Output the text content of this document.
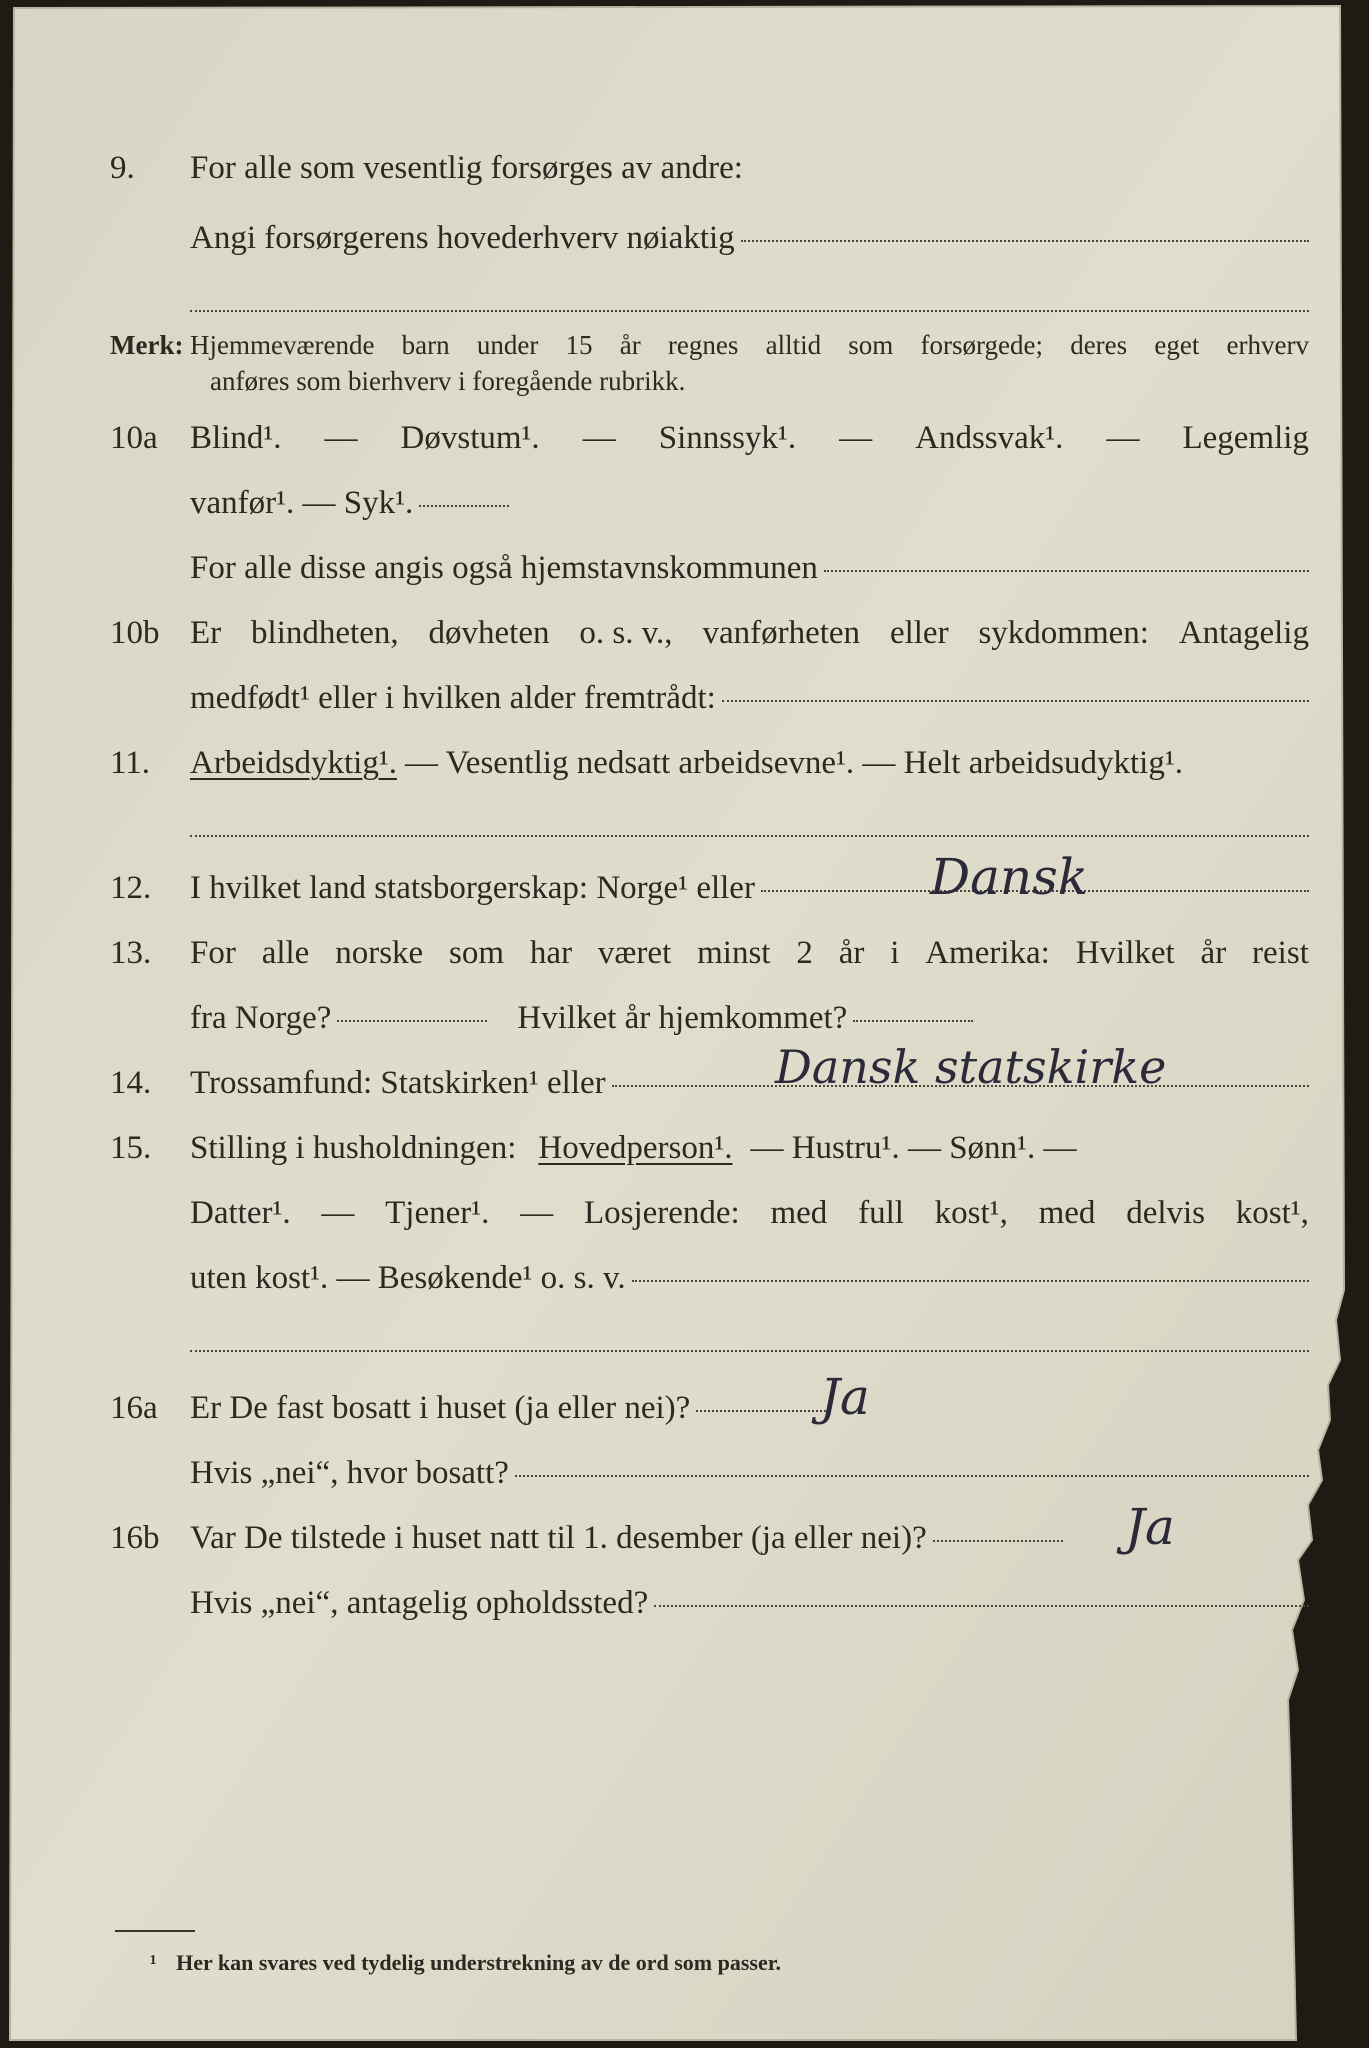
9.	For alle som vesentlig forsørges av andre:
Angi forsørgerens hovederhverv nøiaktig
Merk: Hjemmeværende barn under 15 år regnes alltid som forsørgede; deres eget erhverv
anføres som bierhverv i foregående rubrikk.
10a Blind¹. — Døvstum¹. — Sinnssyk¹. — Andssvak¹. — Legemlig
vanfør¹. — Syk¹.
For alle disse angis også hjemstavnskommunen
10b Er blindheten, døvheten o. s. v., vanførheten eller sykdommen: Antagelig
medfødt¹ eller i hvilken alder fremtrådt:
11.	Arbeidsdyktig¹. — Vesentlig nedsatt arbeidsevne¹. — Helt arbeidsudyktig¹.
12.	I hvilket land statsborgerskap: Norge¹ eller	Dansk
13.	For alle norske som har været minst 2 år i Amerika: Hvilket år reist
fra Norge?	Hvilket år hjemkommet?
14.	Trossamfund: Statskirken¹ eller	Dansk statskirke
15.	Stilling i husholdningen: Hovedperson¹. — Hustru¹. — Sønn¹. —
Datter¹. — Tjener¹. — Losjerende: med full kost¹, med delvis kost¹,
uten kost¹. — Besøkende¹ o. s. v.
16a Er De fast bosatt i huset (ja eller nei)?	Ja
Hvis „nei“, hvor bosatt?
16b Var De tilstede i huset natt til 1. desember (ja eller nei)?	Ja
Hvis „nei“, antagelig opholdssted?
¹ Her kan svares ved tydelig understrekning av de ord som passer.
